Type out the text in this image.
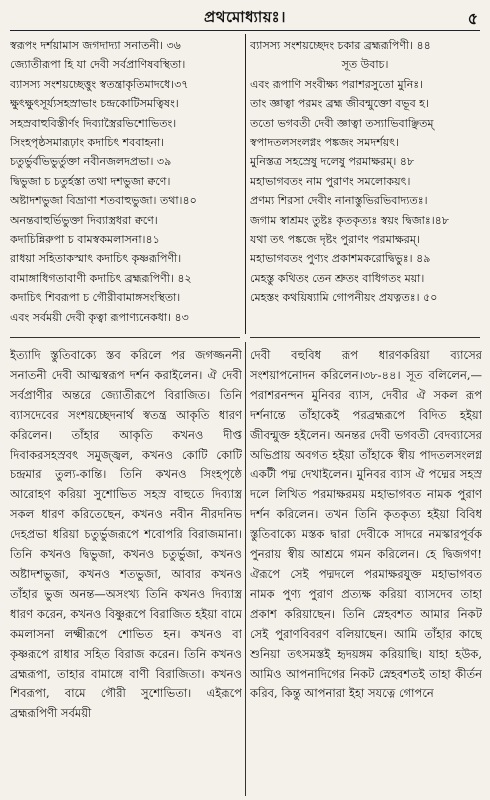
প্রথমোধ্যায়ঃ।	৫
স্বরূপং দর্শয়ামাস জগদাদ্যা সনাতনী। ৩৬
জ্যোতীরূপা হি যা দেবী সর্বপ্রাণিষবস্থিতা।
ব্যাসস্য সংশয়চ্ছেত্তুং স্বতন্ত্রাকৃতিমাদধে।৩৭
ক্ষুৎক্ষুৎসূর্য্যসহস্রাভাং চন্দ্রকোটিসমত্বিষং।
সহস্রবাহুবিস্তীর্ণং দিব্যাস্ত্রৈরভিশোভিতং।
সিংহপৃষ্ঠসমারূঢ়াং কদাচিৎ শববাহনা।
চতুর্ভুর্বভিভুর্তুক্তা নবীনজলদপ্রভা। ৩৯
দ্বিভুজা চ চতুর্হস্তা তথা দশভুজা ক্বণে।
অষ্টাদশভুজা বিভ্রাণা শতবাহুভুজা। তথা।৪০
অনন্তবাহুর্ভিভুক্তা দিব্যাস্ত্রধরা ক্বণে।
কদাচিন্নিরুপা চ বামস্বকমলাসনা।৪১
রাধয়া সহিতাকস্মাৎ কদাচিৎ কৃষ্ণরূপিণী।
বামাঙ্গাধিগতাবাণী কদাচিৎ ব্রহ্মরূপিণী। ৪২
কদাচিৎ শিবরূপা চ গৌরীবামাঙ্গসংস্থিতা।
এবং সর্বময়ী দেবী কৃত্বা রূপাণ্যনেকধা। ৪৩
ব্যাসস্য সংশয়চ্ছেদং চকার ব্রহ্মরূপিণী। ৪৪
সূত উবাচ।
এবং রূপাণি সংবীক্ষ্য পরাশরসুতো মুনিঃ।
তাং জ্ঞাত্বা পরমং ব্রহ্ম জীবন্মুক্তো বভূব হ।
ততো ভগবতী দেবী জ্ঞাত্বা তস্যাভিবাঞ্ছিতম্
স্বপাদতলসংলগ্নং পঙ্কজং সমদর্শয়ৎ।
মুনিস্তত্র সহস্রেষু দলেষু পরমাক্ষরম্। ৪৮
মহাভাগবতং নাম পুরাণং সমলোকয়ৎ।
প্রণম্য শিরসা দেবীং নানাস্তুভিরভিবাদ্যতঃ।
জগাম স্বাশ্রমং তুষ্টঃ কৃতকৃত্যঃ স্বয়ং দ্বিজাঃ।৪৮
যথা তৎ পঙ্কজে দৃষ্টং পুরাণং পরমাক্ষরম্।
মহাভাগবতং পুণ্যং প্রকাশমকরোদ্বিভুঃ। ৪৯
মেহস্তু কথিতং তেন শ্রুতং বাধিগতং ময়া।
মেহস্তং কথয়িষ্যামি গোপনীয়ং প্রযত্নতঃ। ৫০
ইত্যাদি স্তুতিবাক্যে স্তব করিলে পর জগজ্জননী সনাতনী দেবী আত্মস্বরূপ দর্শন করাইলেন। ঐ দেবী সর্বপ্রাণীর অন্তরে জ্যোতীরূপে বিরাজিত। তিনি ব্যাসদেবের সংশয়চ্ছেদনার্থ স্বতন্ত্র আকৃতি ধারণ করিলেন। তাঁহার আকৃতি কখনও দীপ্ত দিবাকরসহস্রবৎ সমুজ্জ্বল, কখনও কোটি কোটি চন্দ্রমার তুল্য-কান্তি। তিনি কখনও সিংহপৃষ্ঠে আরোহণ করিয়া সুশোভিত সহস্র বাহুতে দিব্যাস্ত্র সকল ধারণ করিতেছেন, কখনও নবীন নীরদনিভ দেহপ্রভা ধরিয়া চতুর্ভুজরূপে শবোপরি বিরাজমানা। তিনি কখনও দ্বিভুজা, কখনও চতুর্ভুজা, কখনও অষ্টাদশভুজা, কখনও শতভুজা, আবার কখনও তাঁহার ভুজ অনন্ত—অসংখ্য তিনি কখনও দিব্যাস্ত্র ধারণ করেন, কখনও বিষ্ণুরূপে বিরাজিত হইয়া বামে কমলাসনা লক্ষ্মীরূপে শোভিত হন। কখনও বা কৃষ্ণরূপে রাধার সহিত বিরাজ করেন। তিনি কখনও ব্রহ্মরূপা, তাহার বামাঙ্গে বাণী বিরাজিতা। কখনও শিবরূপা, বামে গৌরী সুশোভিতা। এইরূপে ব্রহ্মরূপিণী সর্বময়ী
দেবী বহুবিধ রূপ ধারণকরিয়া ব্যাসের সংশয়াপনোদন করিলেন।৩৮-৪৪। সূত বলিলেন,—পরাশরনন্দন মুনিবর ব্যাস, দেবীর ঐ সকল রূপ দর্শনান্তে তাঁহাকেই পরব্রহ্মরূপে বিদিত হইয়া জীবন্মুক্ত হইলেন। অনন্তর দেবী ভগবতী বেদব্যাসের অভিপ্রায় অবগত হইয়া তাঁহাকে স্বীয় পাদতলসংলগ্ন একটী পদ্ম দেখাইলেন। মুনিবর ব্যাস ঐ পদ্মের সহস্র দলে লিখিত পরমাক্ষরময় মহাভাগবত নামক পুরাণ দর্শন করিলেন। তখন তিনি কৃতকৃত্য হইয়া বিবিধ স্তুতিবাক্যে মস্তক দ্বারা দেবীকে সাদরে নমস্কারপূর্বক পুনরায় স্বীয় আশ্রমে গমন করিলেন। হে দ্বিজগণ! ঐরূপে সেই পদ্মদলে পরমাক্ষরযুক্ত মহাভাগবত নামক পুণ্য পুরাণ প্রত্যক্ষ করিয়া ব্যাসদেব তাহা প্রকাশ করিয়াছেন। তিনি স্নেহবশত আমার নিকট সেই পুরাণবিবরণ বলিয়াছেন। আমি তাঁহার কাছে শুনিয়া তৎসমস্তই হৃদয়ঙ্গম করিয়াছি। যাহা হউক, আমিও আপনাদিগের নিকট স্নেহবশতই তাহা কীর্তন করিব, কিন্তু আপনারা ইহা সযত্নে গোপনে
